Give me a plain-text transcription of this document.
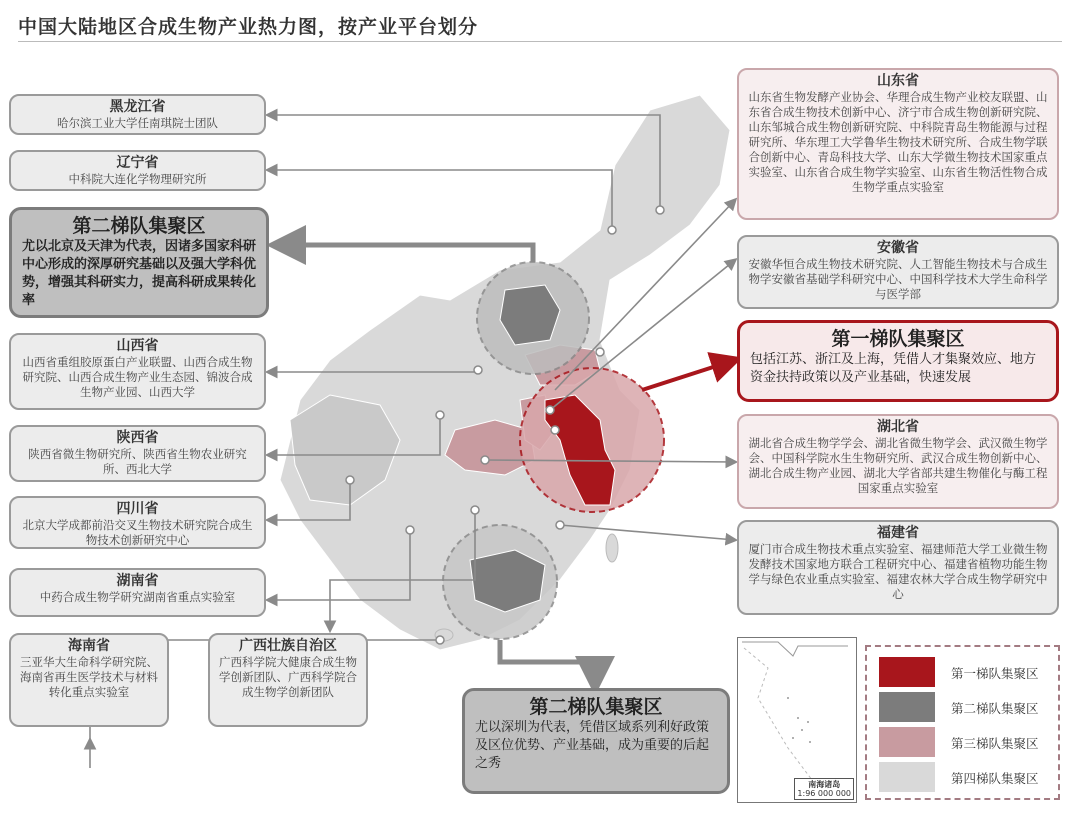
中国大陆地区合成生物产业热力图，按产业平台划分
黑龙江省
哈尔滨工业大学任南琪院士团队
辽宁省
中科院大连化学物理研究所
第二梯队集聚区
尤以北京及天津为代表，因诸多国家科研中心形成的深厚研究基础以及强大学科优势，增强其科研实力，提高科研成果转化率
山西省
山西省重组胶原蛋白产业联盟、山西合成生物研究院、山西合成生物产业生态园、锦波合成生物产业园、山西大学
陕西省
陕西省微生物研究所、陕西省生物农业研究所、西北大学
四川省
北京大学成都前沿交叉生物技术研究院合成生物技术创新研究中心
湖南省
中药合成生物学研究湖南省重点实验室
海南省
三亚华大生命科学研究院、海南省再生医学技术与材料转化重点实验室
广西壮族自治区
广西科学院大健康合成生物学创新团队、广西科学院合成生物学创新团队
第二梯队集聚区
尤以深圳为代表，凭借区域系列利好政策及区位优势、产业基础，成为重要的后起之秀
山东省
山东省生物发酵产业协会、华理合成生物产业校友联盟、山东省合成生物技术创新中心、济宁市合成生物创新研究院、山东邹城合成生物创新研究院、中科院青岛生物能源与过程研究所、华东理工大学鲁华生物技术研究所、合成生物学联合创新中心、青岛科技大学、山东大学微生物技术国家重点实验室、山东省合成生物学实验室、山东省生物活性物合成生物学重点实验室
安徽省
安徽华恒合成生物技术研究院、人工智能生物技术与合成生物学安徽省基础学科研究中心、中国科学技术大学生命科学与医学部
第一梯队集聚区
包括江苏、浙江及上海，凭借人才集聚效应、地方资金扶持政策以及产业基础，快速发展
湖北省
湖北省合成生物学学会、湖北省微生物学会、武汉微生物学会、中国科学院水生生物研究所、武汉合成生物创新中心、湖北合成生物产业园、湖北大学省部共建生物催化与酶工程国家重点实验室
福建省
厦门市合成生物技术重点实验室、福建师范大学工业微生物发酵技术国家地方联合工程研究中心、福建省植物功能生物学与绿色农业重点实验室、福建农林大学合成生物学研究中心
南海诸岛
1:96 000 000
第一梯队集聚区
第二梯队集聚区
第三梯队集聚区
第四梯队集聚区
